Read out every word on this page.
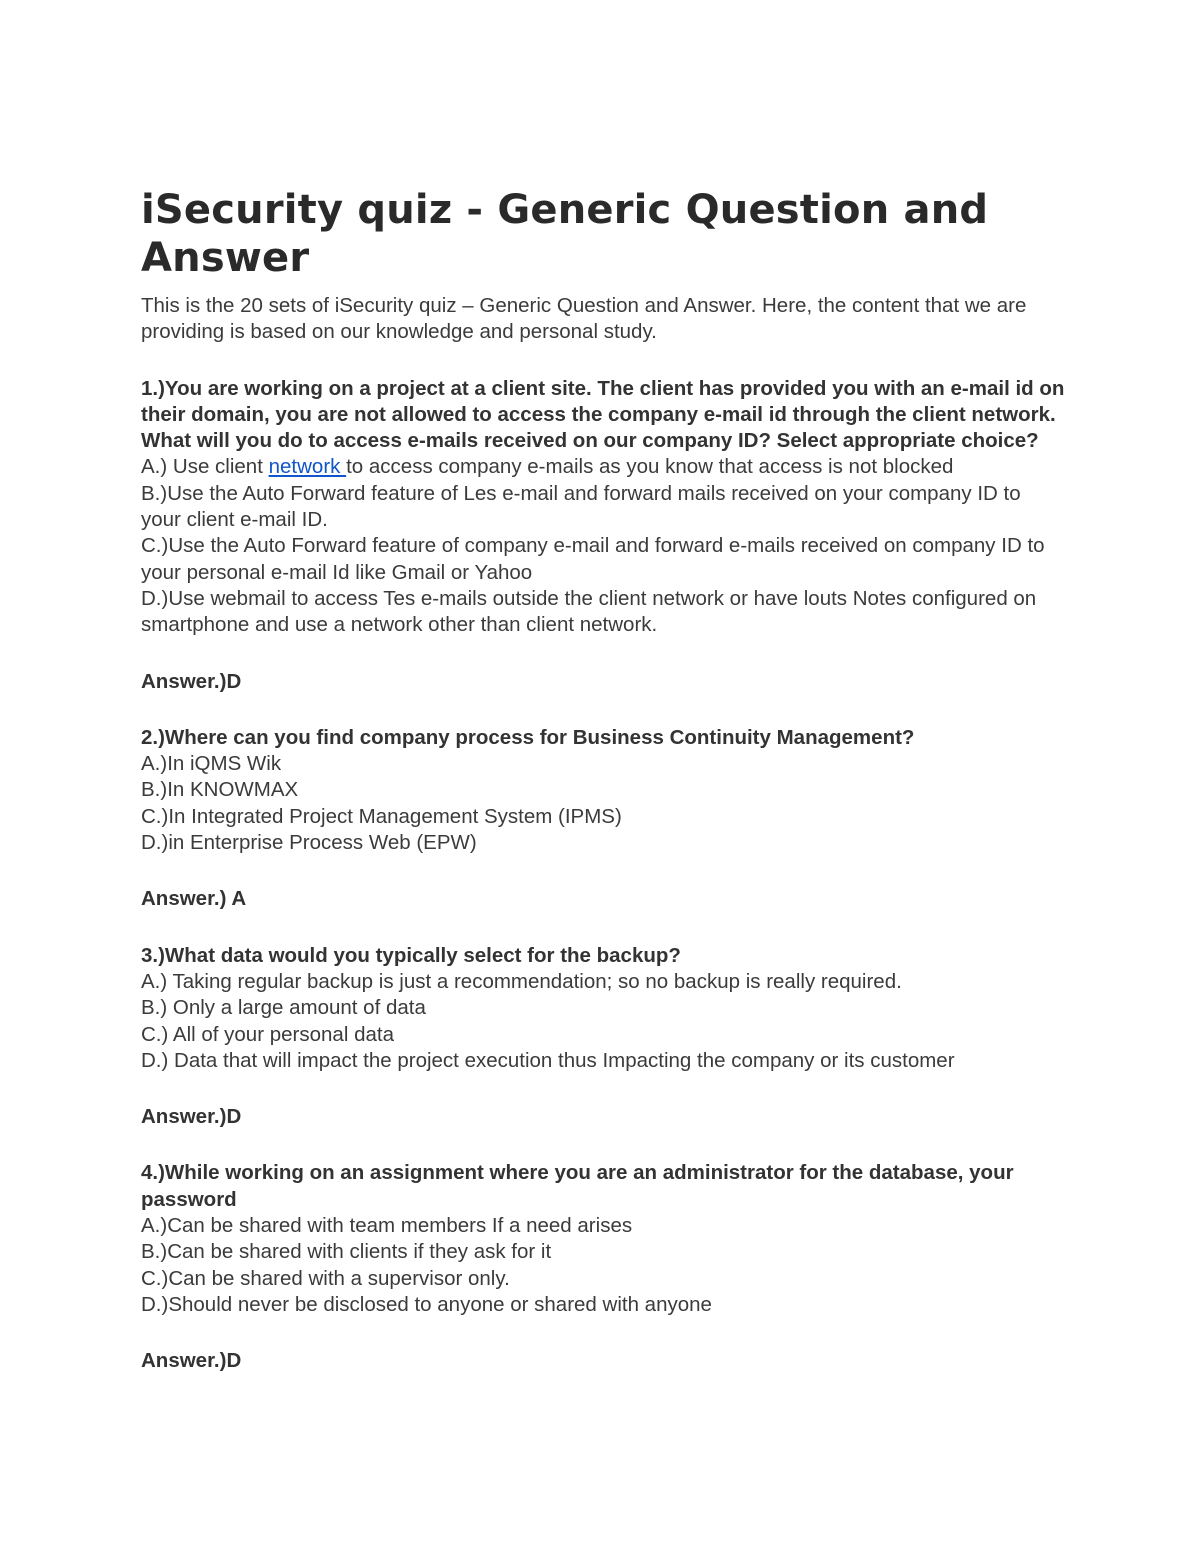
iSecurity quiz - Generic Question and Answer

This is the 20 sets of iSecurity quiz – Generic Question and Answer. Here, the content that we are providing is based on our knowledge and personal study.

1.)You are working on a project at a client site. The client has provided you with an e-mail id on their domain, you are not allowed to access the company e-mail id through the client network. What will you do to access e-mails received on our company ID? Select appropriate choice?

A.) Use client network to access company e-mails as you know that access is not blocked

B.)Use the Auto Forward feature of Les e-mail and forward mails received on your company ID to your client e-mail ID.

C.)Use the Auto Forward feature of company e-mail and forward e-mails received on company ID to your personal e-mail Id like Gmail or Yahoo

D.)Use webmail to access Tes e-mails outside the client network or have louts Notes configured on smartphone and use a network other than client network.

Answer.)D

2.)Where can you find company process for Business Continuity Management?

A.)In iQMS Wik

B.)In KNOWMAX

C.)In Integrated Project Management System (IPMS)

D.)in Enterprise Process Web (EPW)

Answer.) A

3.)What data would you typically select for the backup?

A.) Taking regular backup is just a recommendation; so no backup is really required.

B.) Only a large amount of data

C.) All of your personal data

D.) Data that will impact the project execution thus Impacting the company or its customer

Answer.)D

4.)While working on an assignment where you are an administrator for the database, your password

A.)Can be shared with team members If a need arises

B.)Can be shared with clients if they ask for it

C.)Can be shared with a supervisor only.

D.)Should never be disclosed to anyone or shared with anyone

Answer.)D
